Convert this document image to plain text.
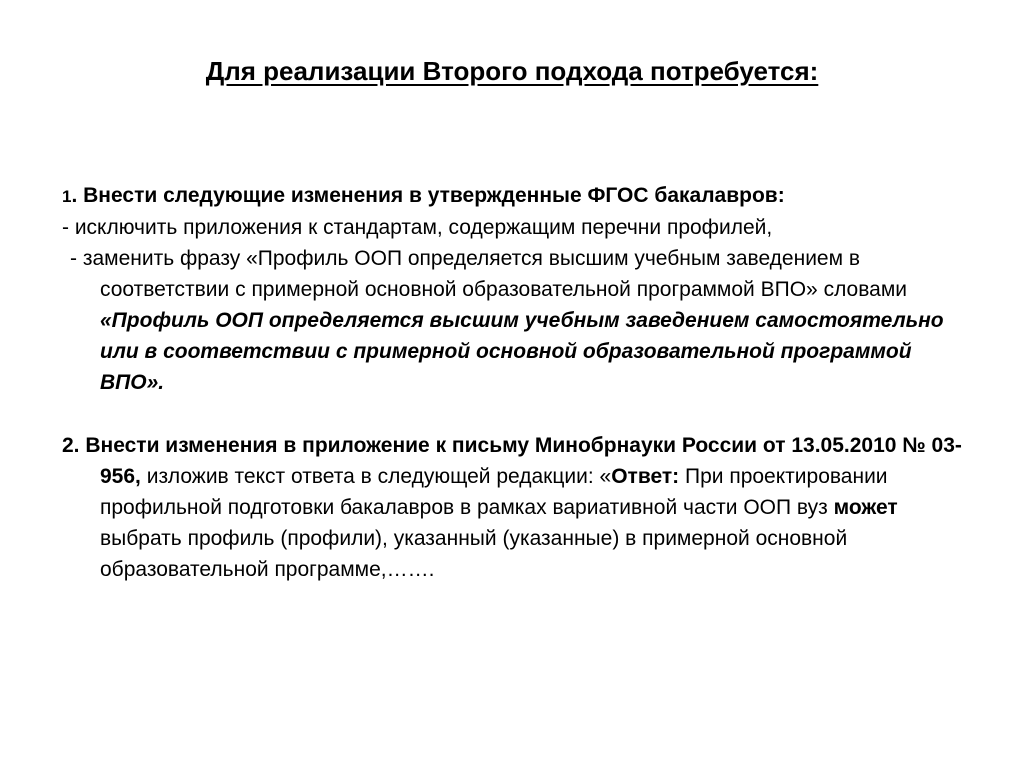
Для реализации Второго подхода потребуется:

1. Внести следующие изменения в утвержденные ФГОС бакалавров:

- исключить приложения к стандартам, содержащим перечни профилей,

- заменить фразу «Профиль ООП определяется высшим учебным заведением в соответствии с примерной основной образовательной программой ВПО» словами «Профиль ООП определяется высшим учебным заведением самостоятельно или в соответствии с примерной основной образовательной программой ВПО».

2. Внести изменения в приложение к письму Минобрнауки России от 13.05.2010 № 03-956, изложив текст ответа в следующей редакции: «Ответ: При проектировании профильной подготовки бакалавров в рамках вариативной части ООП вуз может выбрать профиль (профили), указанный (указанные) в примерной основной образовательной программе,…….
